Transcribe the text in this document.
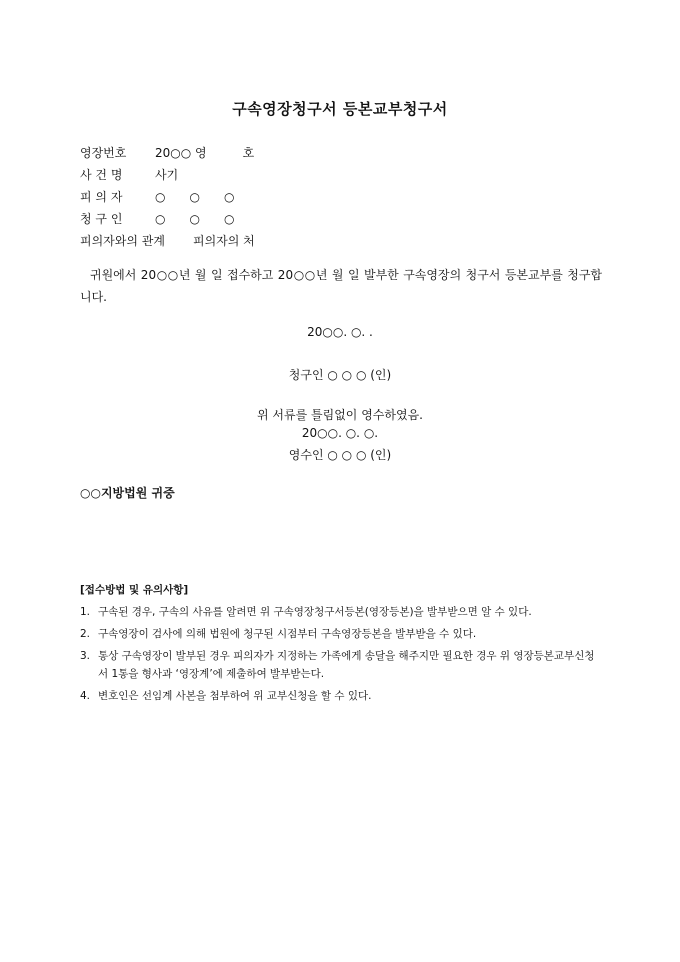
구속영장청구서 등본교부청구서
영장번호 20○○ 영　　　호
사 건 명	사기
피 의 자	○　　○　　○
청 구 인	○　　○　　○
피의자와의 관계 피의자의 처
귀원에서 20○○년 월 일 접수하고 20○○년 월 일 발부한 구속영장의 청구서 등본교부를 청구합니다.
20○○. ○. .
청구인 ○ ○ ○ (인)
위 서류를 틀림없이 영수하였음.
20○○. ○. ○.
영수인 ○ ○ ○ (인)
○○지방법원 귀중
[접수방법 및 유의사항]
1. 구속된 경우, 구속의 사유를 알려면 위 구속영장청구서등본(영장등본)을 발부받으면 알 수 있다.
2. 구속영장이 검사에 의해 법원에 청구된 시점부터 구속영장등본을 발부받을 수 있다.
3. 통상 구속영장이 발부된 경우 피의자가 지정하는 가족에게 송달을 해주지만 필요한 경우 위 영장등본교부신청서 1통을 형사과 ‘영장계’에 제출하여 발부받는다.
4. 변호인은 선임계 사본을 첨부하여 위 교부신청을 할 수 있다.
